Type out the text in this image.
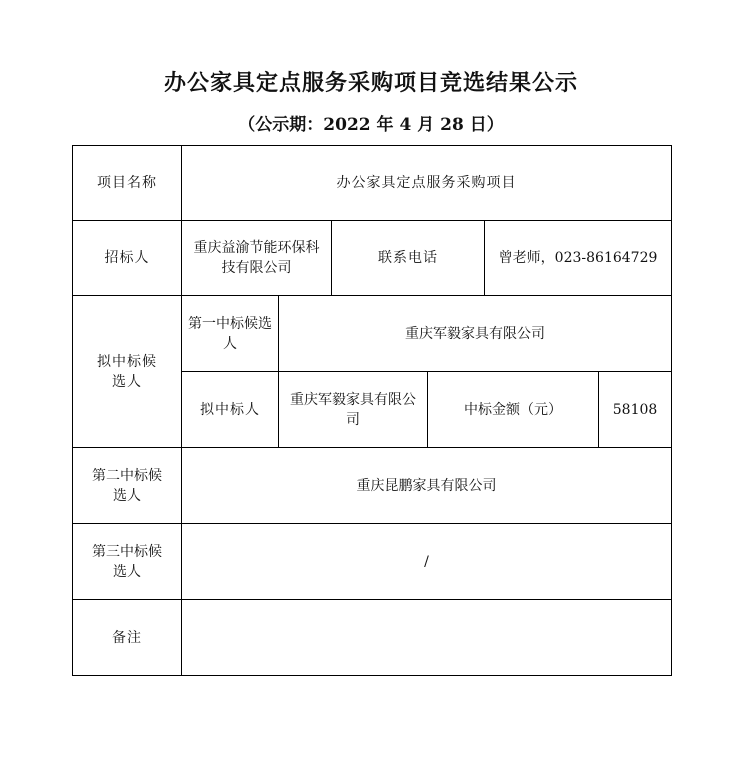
办公家具定点服务采购项目竞选结果公示
（公示期：2022 年 4 月 28 日）
项目名称	办公家具定点服务采购项目					
招标人	重庆益渝节能环保科技有限公司		联系电话		曾老师，023-86164729	
拟中标候选人	第一中标候选人	重庆军毅家具有限公司				
	拟中标人	重庆军毅家具有限公司		中标金额（元）		58108
第二中标候选人	重庆昆鹏家具有限公司					
第三中标候选人	/					
备注						
